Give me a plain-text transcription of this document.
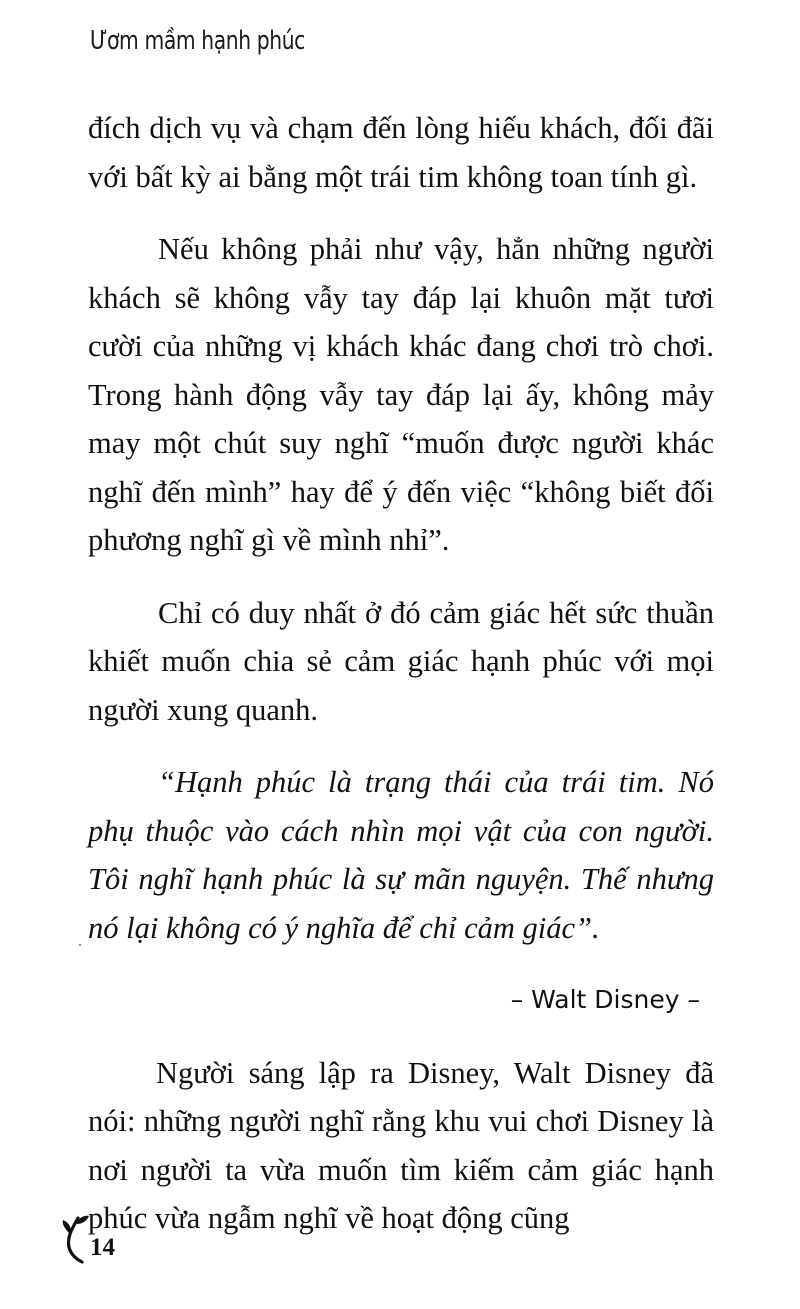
Ươm mầm hạnh phúc

đích dịch vụ và chạm đến lòng hiếu khách, đối đãi với bất kỳ ai bằng một trái tim không toan tính gì.

Nếu không phải như vậy, hẳn những người khách sẽ không vẫy tay đáp lại khuôn mặt tươi cười của những vị khách khác đang chơi trò chơi. Trong hành động vẫy tay đáp lại ấy, không mảy may một chút suy nghĩ “muốn được người khác nghĩ đến mình” hay để ý đến việc “không biết đối phương nghĩ gì về mình nhỉ”.

Chỉ có duy nhất ở đó cảm giác hết sức thuần khiết muốn chia sẻ cảm giác hạnh phúc với mọi người xung quanh.

“Hạnh phúc là trạng thái của trái tim. Nó phụ thuộc vào cách nhìn mọi vật của con người. Tôi nghĩ hạnh phúc là sự mãn nguyện. Thế nhưng nó lại không có ý nghĩa để chỉ cảm giác”.

– Walt Disney –

Người sáng lập ra Disney, Walt Disney đã nói: những người nghĩ rằng khu vui chơi Disney là nơi người ta vừa muốn tìm kiếm cảm giác hạnh phúc vừa ngẫm nghĩ về hoạt động cũng

14
